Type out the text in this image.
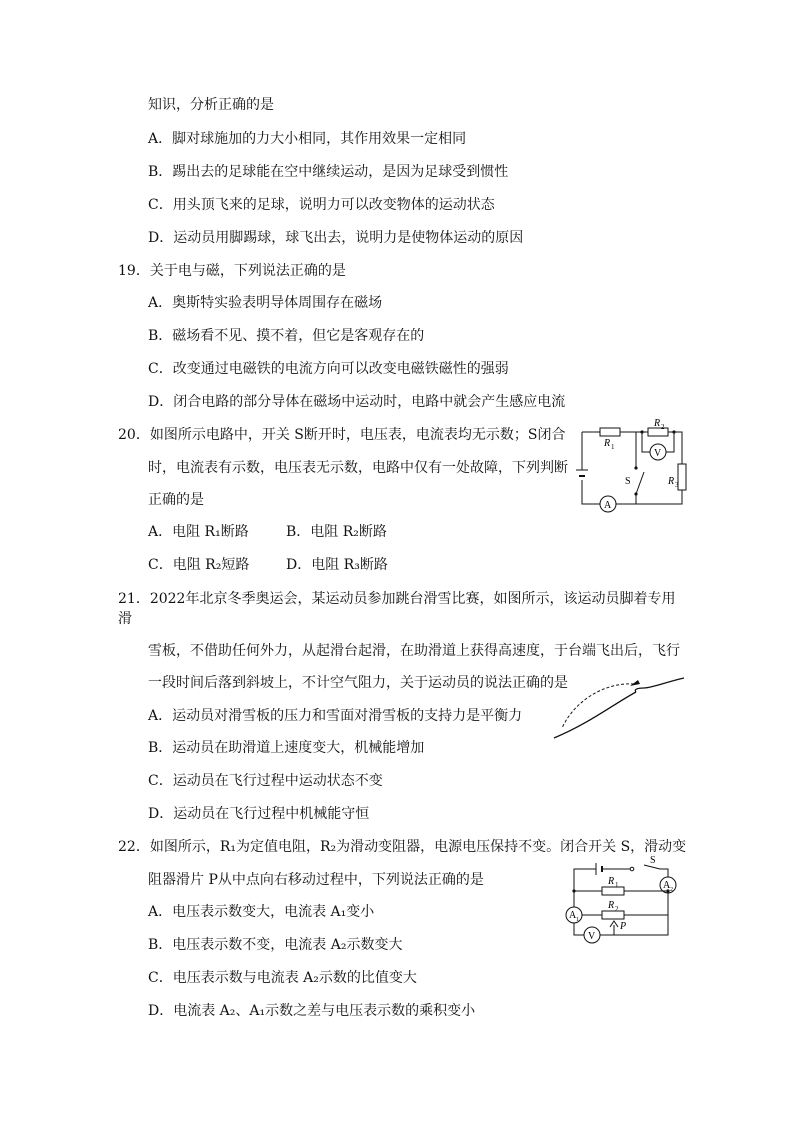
知识，分析正确的是
A．脚对球施加的力大小相同，其作用效果一定相同
B．踢出去的足球能在空中继续运动，是因为足球受到惯性
C．用头顶飞来的足球，说明力可以改变物体的运动状态
D．运动员用脚踢球，球飞出去，说明力是使物体运动的原因
19．关于电与磁，下列说法正确的是
A．奥斯特实验表明导体周围存在磁场
B．磁场看不见、摸不着，但它是客观存在的
C．改变通过电磁铁的电流方向可以改变电磁铁磁性的强弱
D．闭合电路的部分导体在磁场中运动时，电路中就会产生感应电流
20．如图所示电路中，开关 S断开时，电压表，电流表均无示数；S闭合
时，电流表有示数，电压表无示数，电路中仅有一处故障，下列判断
正确的是
A．电阻 R₁断路	B．电阻 R₂断路
C．电阻 R₂短路	D．电阻 R₃断路
R 1
R 2
R 3
V
A
S
21．2022年北京冬季奥运会，某运动员参加跳台滑雪比赛，如图所示，该运动员脚着专用
滑
雪板，不借助任何外力，从起滑台起滑，在助滑道上获得高速度，于台端飞出后，飞行
一段时间后落到斜坡上，不计空气阻力，关于运动员的说法正确的是
A．运动员对滑雪板的压力和雪面对滑雪板的支持力是平衡力
B．运动员在助滑道上速度变大，机械能增加
C．运动员在飞行过程中运动状态不变
D．运动员在飞行过程中机械能守恒
22．如图所示，R₁为定值电阻，R₂为滑动变阻器，电源电压保持不变。闭合开关 S，滑动变
阻器滑片 P从中点向右移动过程中，下列说法正确的是
A．电压表示数变大，电流表 A₁变小
B．电压表示数不变，电流表 A₂示数变大
C．电压表示数与电流表 A₂示数的比值变大
D．电流表 A₂、A₁示数之差与电压表示数的乘积变小
S
R 1
R 2
A 2
A 1
V
P
